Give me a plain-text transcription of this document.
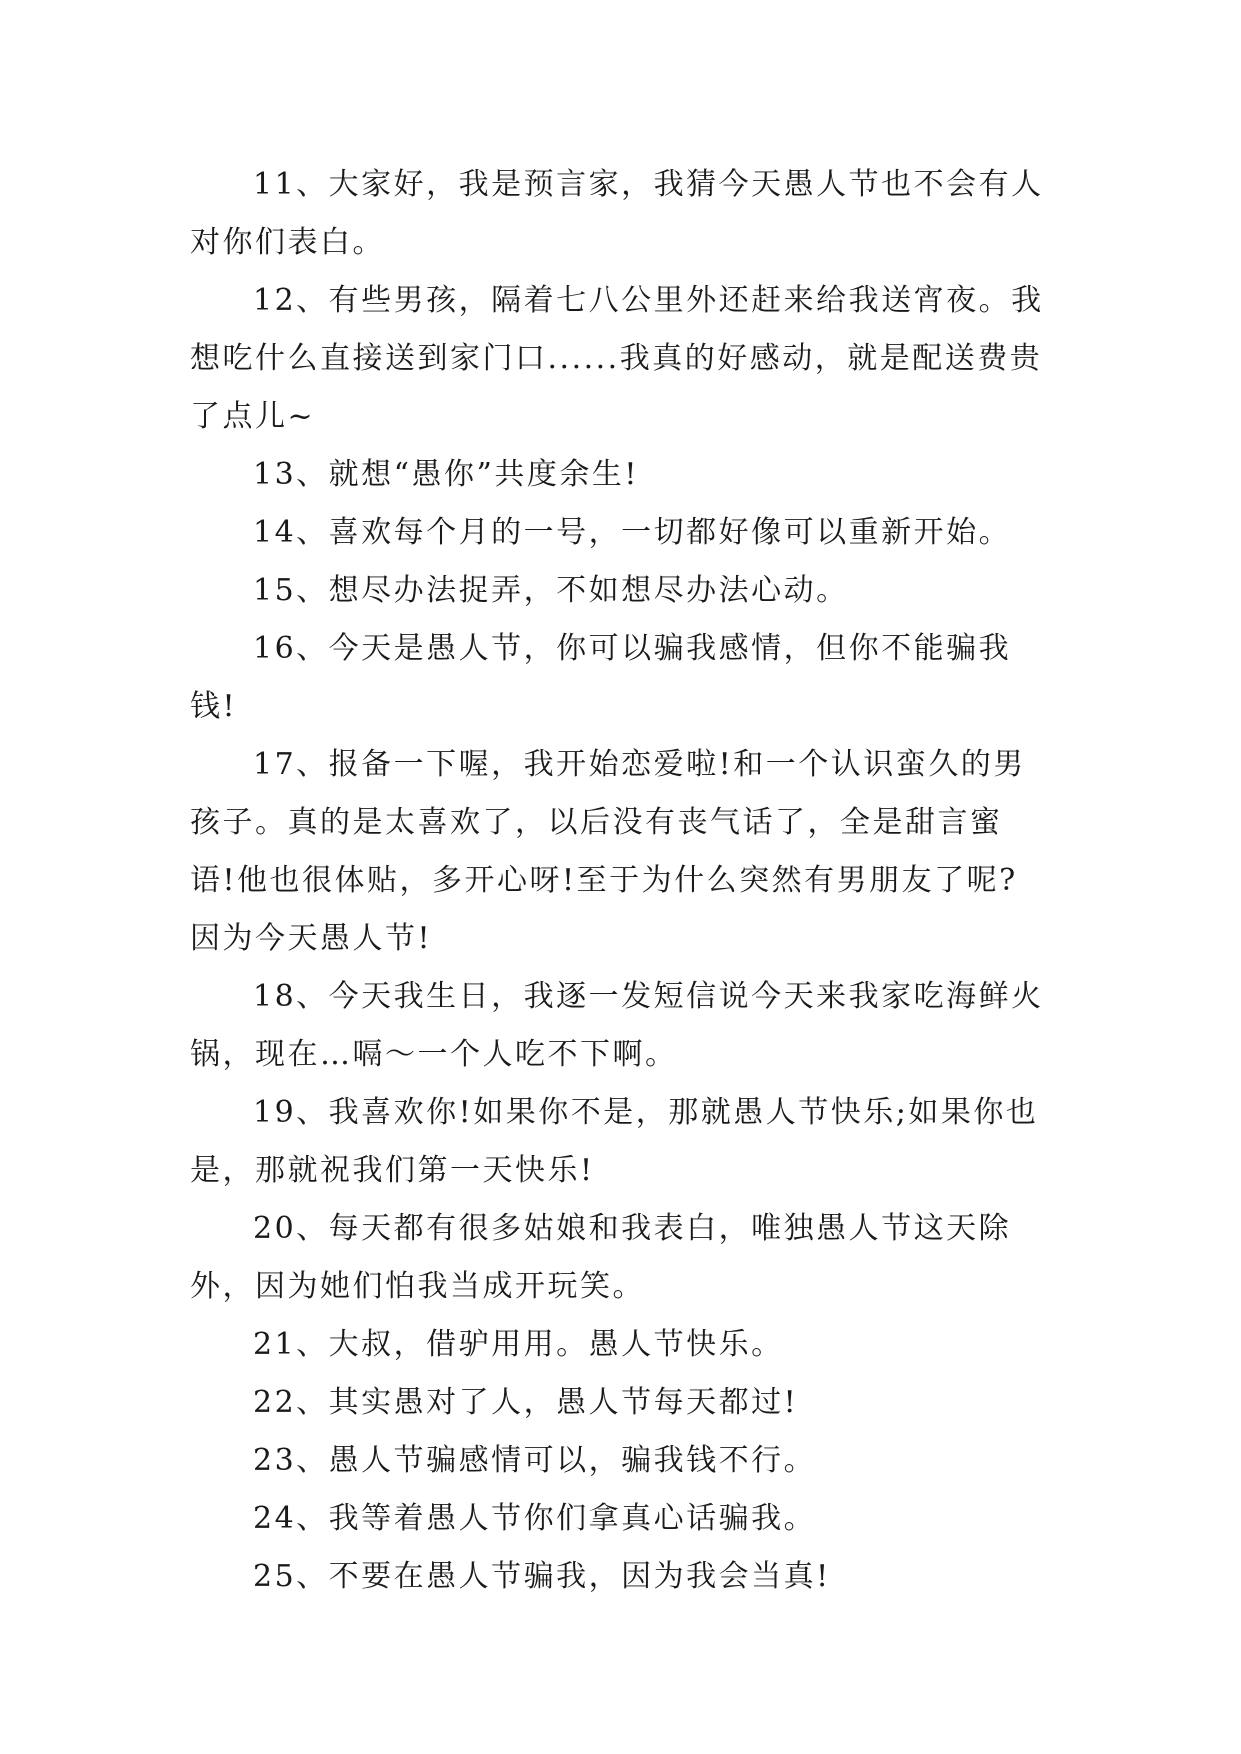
11、大家好，我是预言家，我猜今天愚人节也不会有人对你们表白。

12、有些男孩，隔着七八公里外还赶来给我送宵夜。我想吃什么直接送到家门口......我真的好感动，就是配送费贵了点儿~

13、就想“愚你”共度余生!

14、喜欢每个月的一号，一切都好像可以重新开始。

15、想尽办法捉弄，不如想尽办法心动。

16、今天是愚人节，你可以骗我感情，但你不能骗我钱!

17、报备一下喔，我开始恋爱啦!和一个认识蛮久的男孩子。真的是太喜欢了，以后没有丧气话了，全是甜言蜜语!他也很体贴，多开心呀!至于为什么突然有男朋友了呢?因为今天愚人节!

18、今天我生日，我逐一发短信说今天来我家吃海鲜火锅，现在…嗝～一个人吃不下啊。

19、我喜欢你!如果你不是，那就愚人节快乐;如果你也是，那就祝我们第一天快乐!

20、每天都有很多姑娘和我表白，唯独愚人节这天除外，因为她们怕我当成开玩笑。

21、大叔，借驴用用。愚人节快乐。

22、其实愚对了人，愚人节每天都过!

23、愚人节骗感情可以，骗我钱不行。

24、我等着愚人节你们拿真心话骗我。

25、不要在愚人节骗我，因为我会当真!
